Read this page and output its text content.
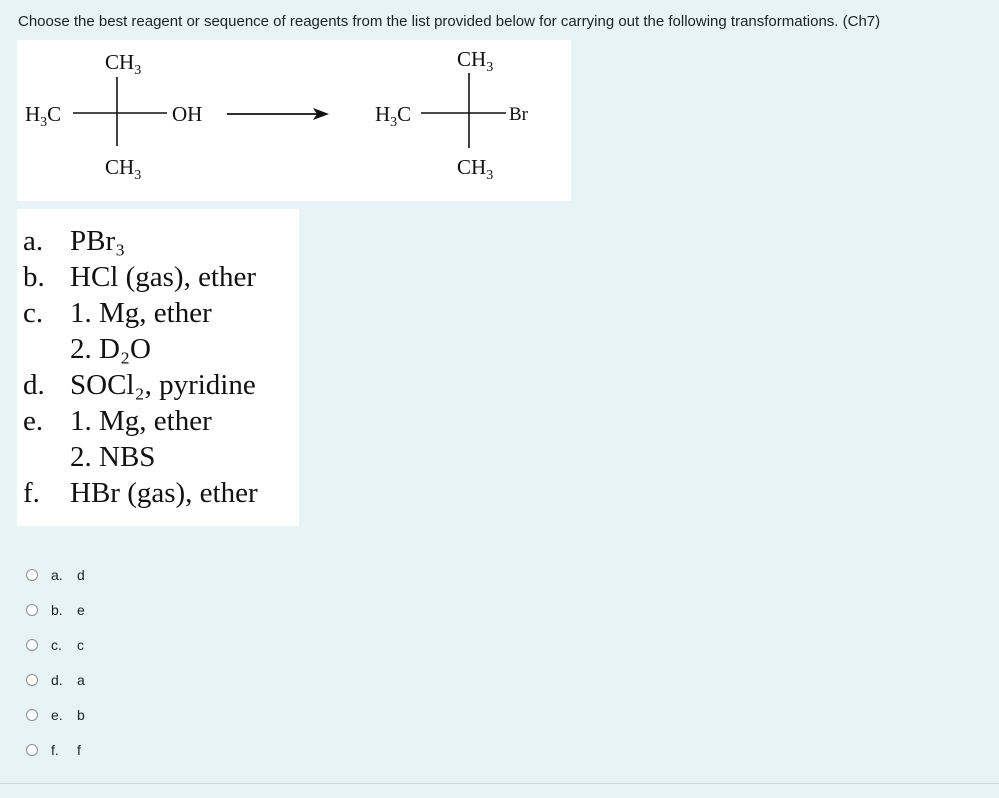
Choose the best reagent or sequence of reagents from the list provided below for carrying out the following transformations. (Ch7)
$CH_3$
$H_3C$	OH
$CH_3$
$CH_3$
$H_3C$	Br
$CH_3$
a. PBr₃
b. HCl (gas), ether
c. 1. Mg, ether
2. D₂O
d. SOCl₂, pyridine
e. 1. Mg, ether
2. NBS
f.	HBr (gas), ether
a.	d
b.	e
c.	c
d.	a
e.	b
f.	f
